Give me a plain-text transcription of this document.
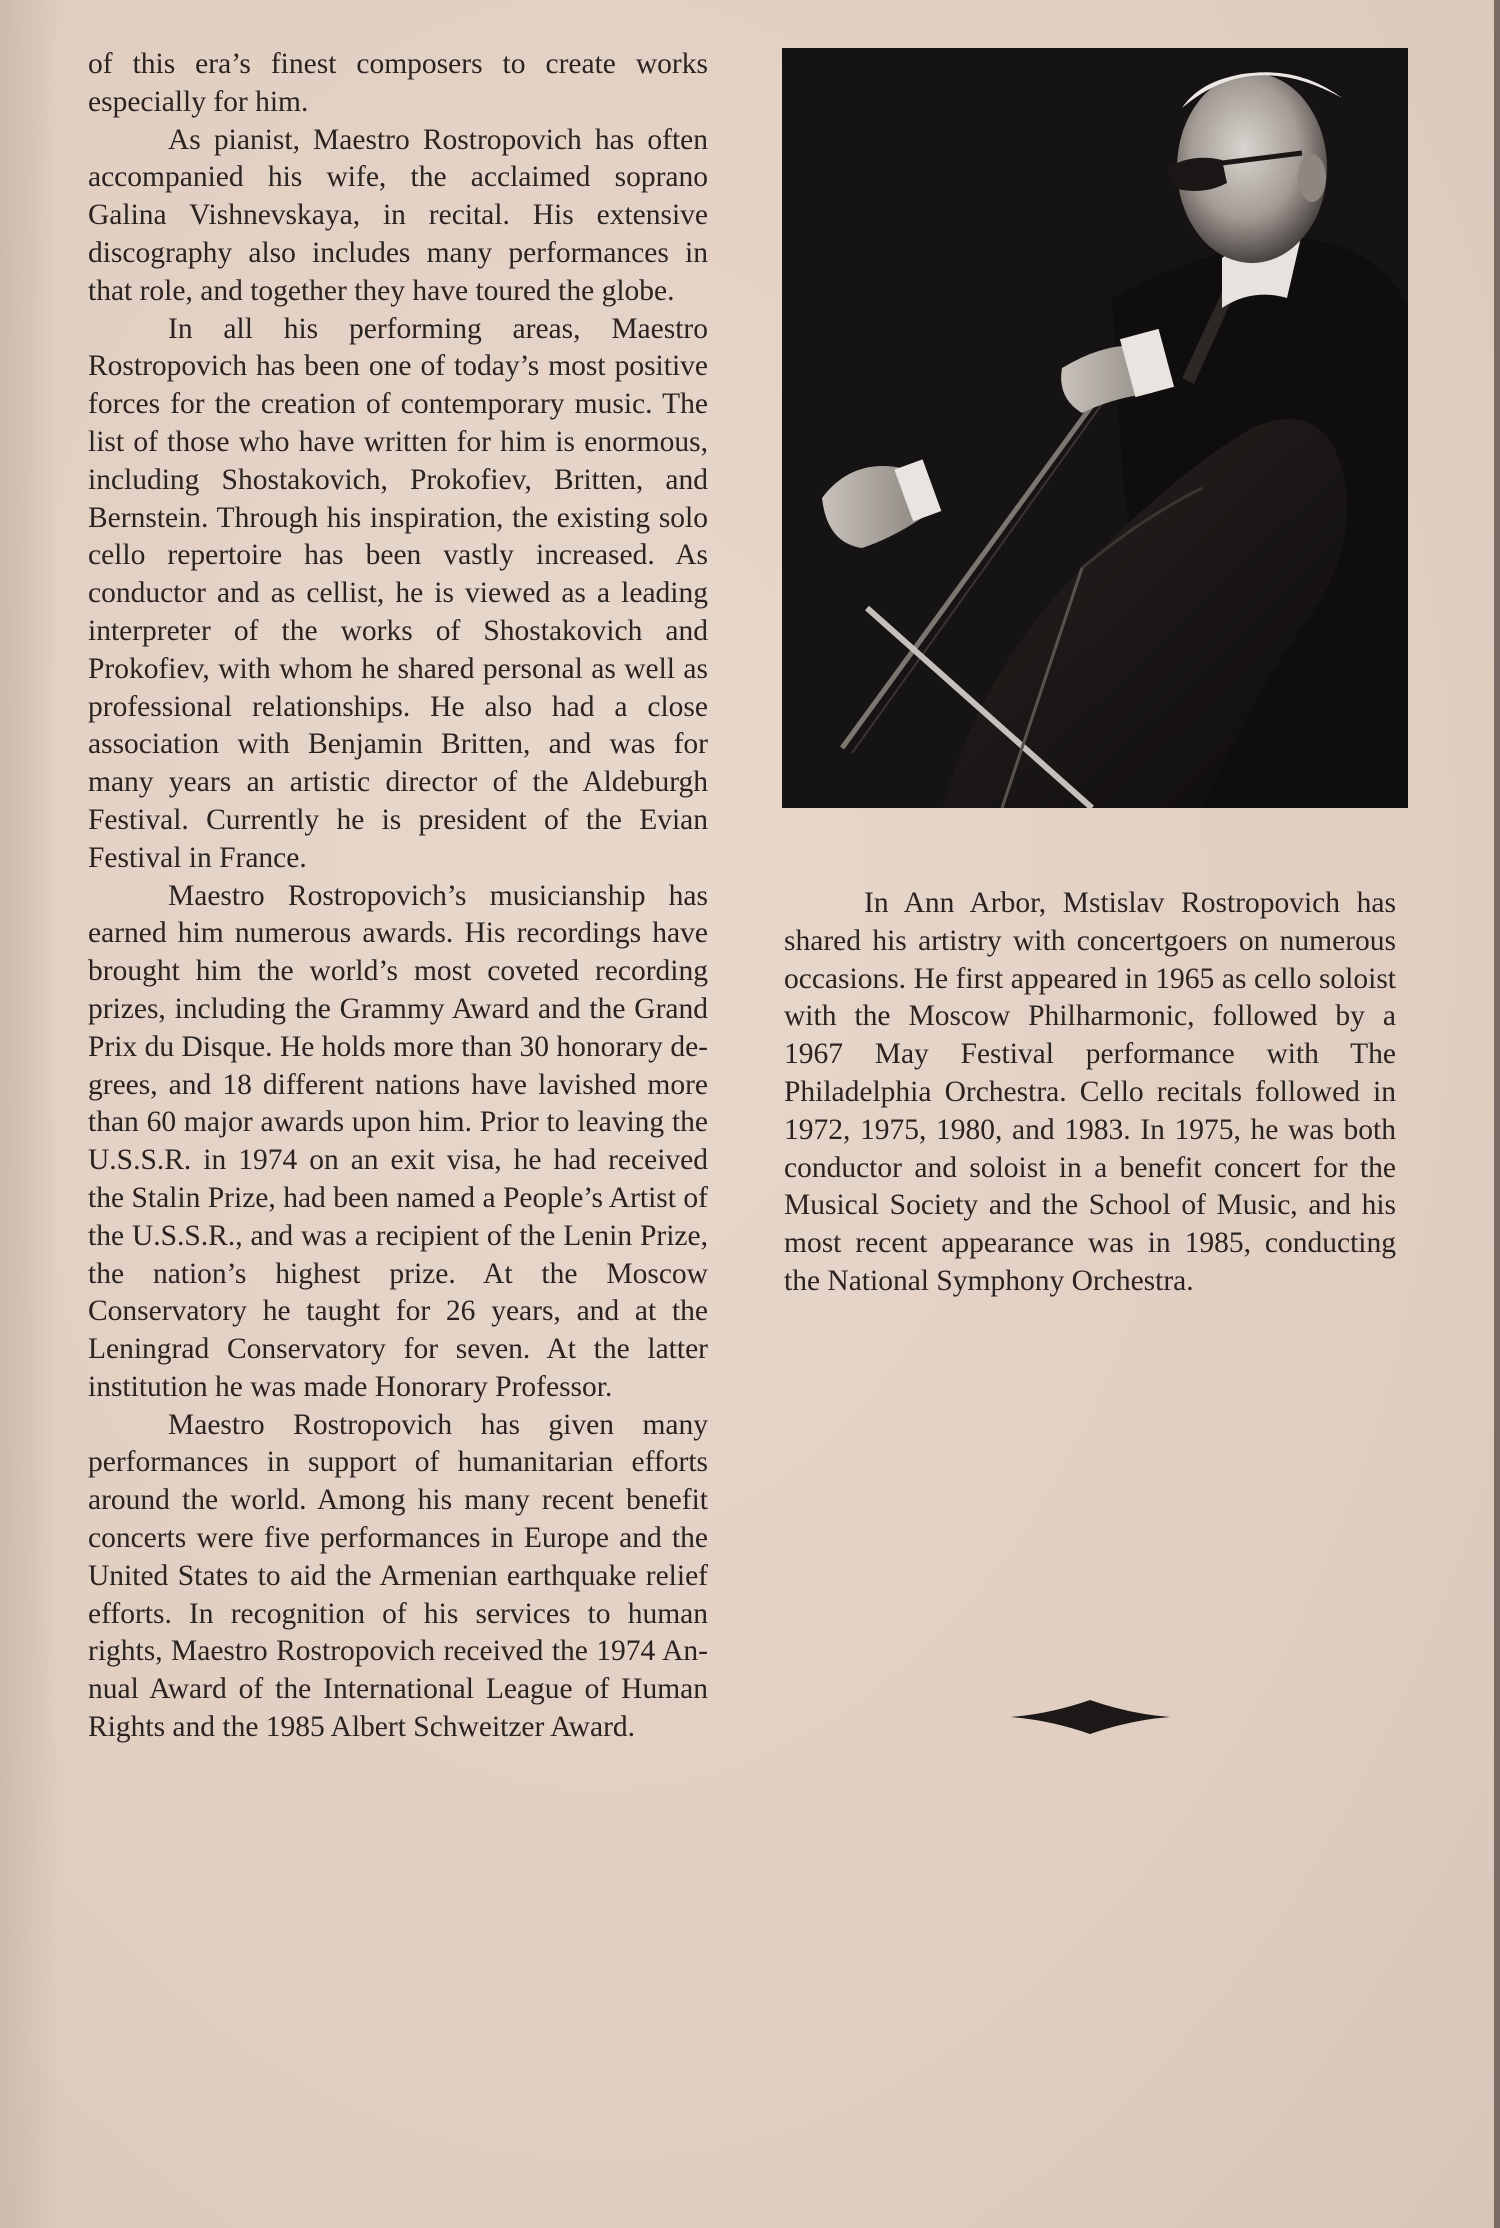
of this era’s finest composers to create works especially for him.

As pianist, Maestro Rostropovich has often accompanied his wife, the acclaimed soprano Galina Vishnevskaya, in recital. His extensive discography also includes many performances in that role, and together they have toured the globe.

In all his performing areas, Maestro Rostropovich has been one of today’s most positive forces for the creation of contemporary music. The list of those who have written for him is enormous, including Shostakovich, Prokofiev, Britten, and Bernstein. Through his inspiration, the existing solo cello repertoire has been vastly increased. As conductor and as cellist, he is viewed as a leading interpreter of the works of Shostakovich and Prokofiev, with whom he shared personal as well as professional relationships. He also had a close association with Benjamin Britten, and was for many years an artistic director of the Aldeburgh Festival. Currently he is president of the Evian Festival in France.

Maestro Rostropovich’s musicianship has earned him numerous awards. His recordings have brought him the world’s most coveted recording prizes, including the Grammy Award and the Grand Prix du Disque. He holds more than 30 honorary degrees, and 18 different nations have lavished more than 60 major awards upon him. Prior to leaving the U.S.S.R. in 1974 on an exit visa, he had received the Stalin Prize, had been named a People’s Artist of the U.S.S.R., and was a recipient of the Lenin Prize, the nation’s highest prize. At the Moscow Conservatory he taught for 26 years, and at the Leningrad Conservatory for seven. At the latter institution he was made Honorary Professor.

Maestro Rostropovich has given many performances in support of humanitarian efforts around the world. Among his many recent benefit concerts were five performances in Europe and the United States to aid the Armenian earthquake relief efforts. In recognition of his services to human rights, Maestro Rostropovich received the 1974 Annual Award of the International League of Human Rights and the 1985 Albert Schweitzer Award.

In Ann Arbor, Mstislav Rostropovich has shared his artistry with concertgoers on numerous occasions. He first appeared in 1965 as cello soloist with the Moscow Philharmonic, followed by a 1967 May Festival performance with The Philadelphia Orchestra. Cello recitals followed in 1972, 1975, 1980, and 1983. In 1975, he was both conductor and soloist in a benefit concert for the Musical Society and the School of Music, and his most recent appearance was in 1985, conducting the National Symphony Orchestra.
